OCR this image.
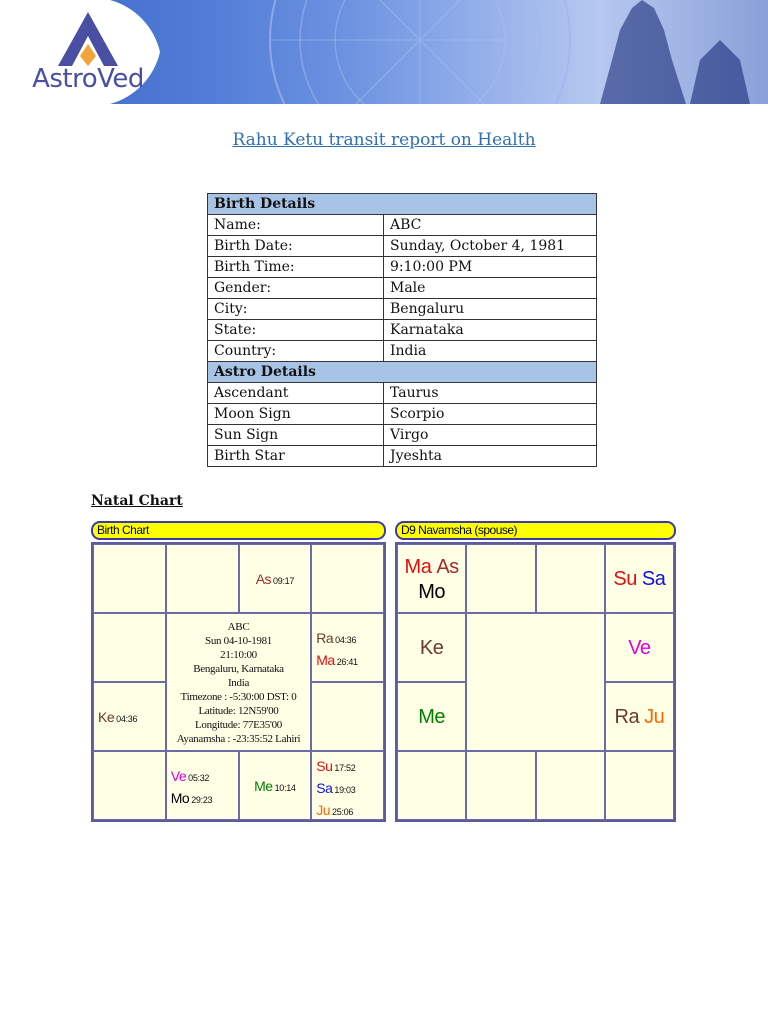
AstroVed
Rahu Ketu transit report on Health
Birth Details	
Name:	ABC
Birth Date:	Sunday, October 4, 1981
Birth Time:	9:10:00 PM
Gender:	Male
City:	Bengaluru
State:	Karnataka
Country:	India
Astro Details	
Ascendant	Taurus
Moon Sign	Scorpio
Sun Sign	Virgo
Birth Star	Jyeshta
Natal Chart
Birth Chart
As 09:17
Ra 04:36
Ma 26:41
Ke 04:36
Ve 05:32
Mo 29:23
Me 10:14
Su 17:52
Sa 19:03
Ju 25:06
ABC
Sun 04-10-1981
21:10:00
Bengaluru, Karnataka
India
Timezone : -5:30:00 DST: 0
Latitude: 12N59'00
Longitude: 77E35'00
Ayanamsha : -23:35:52 Lahiri
D9 Navamsha (spouse)
Ma As
Mo
Su Sa
Ke	Ve
Me	Ra Ju
